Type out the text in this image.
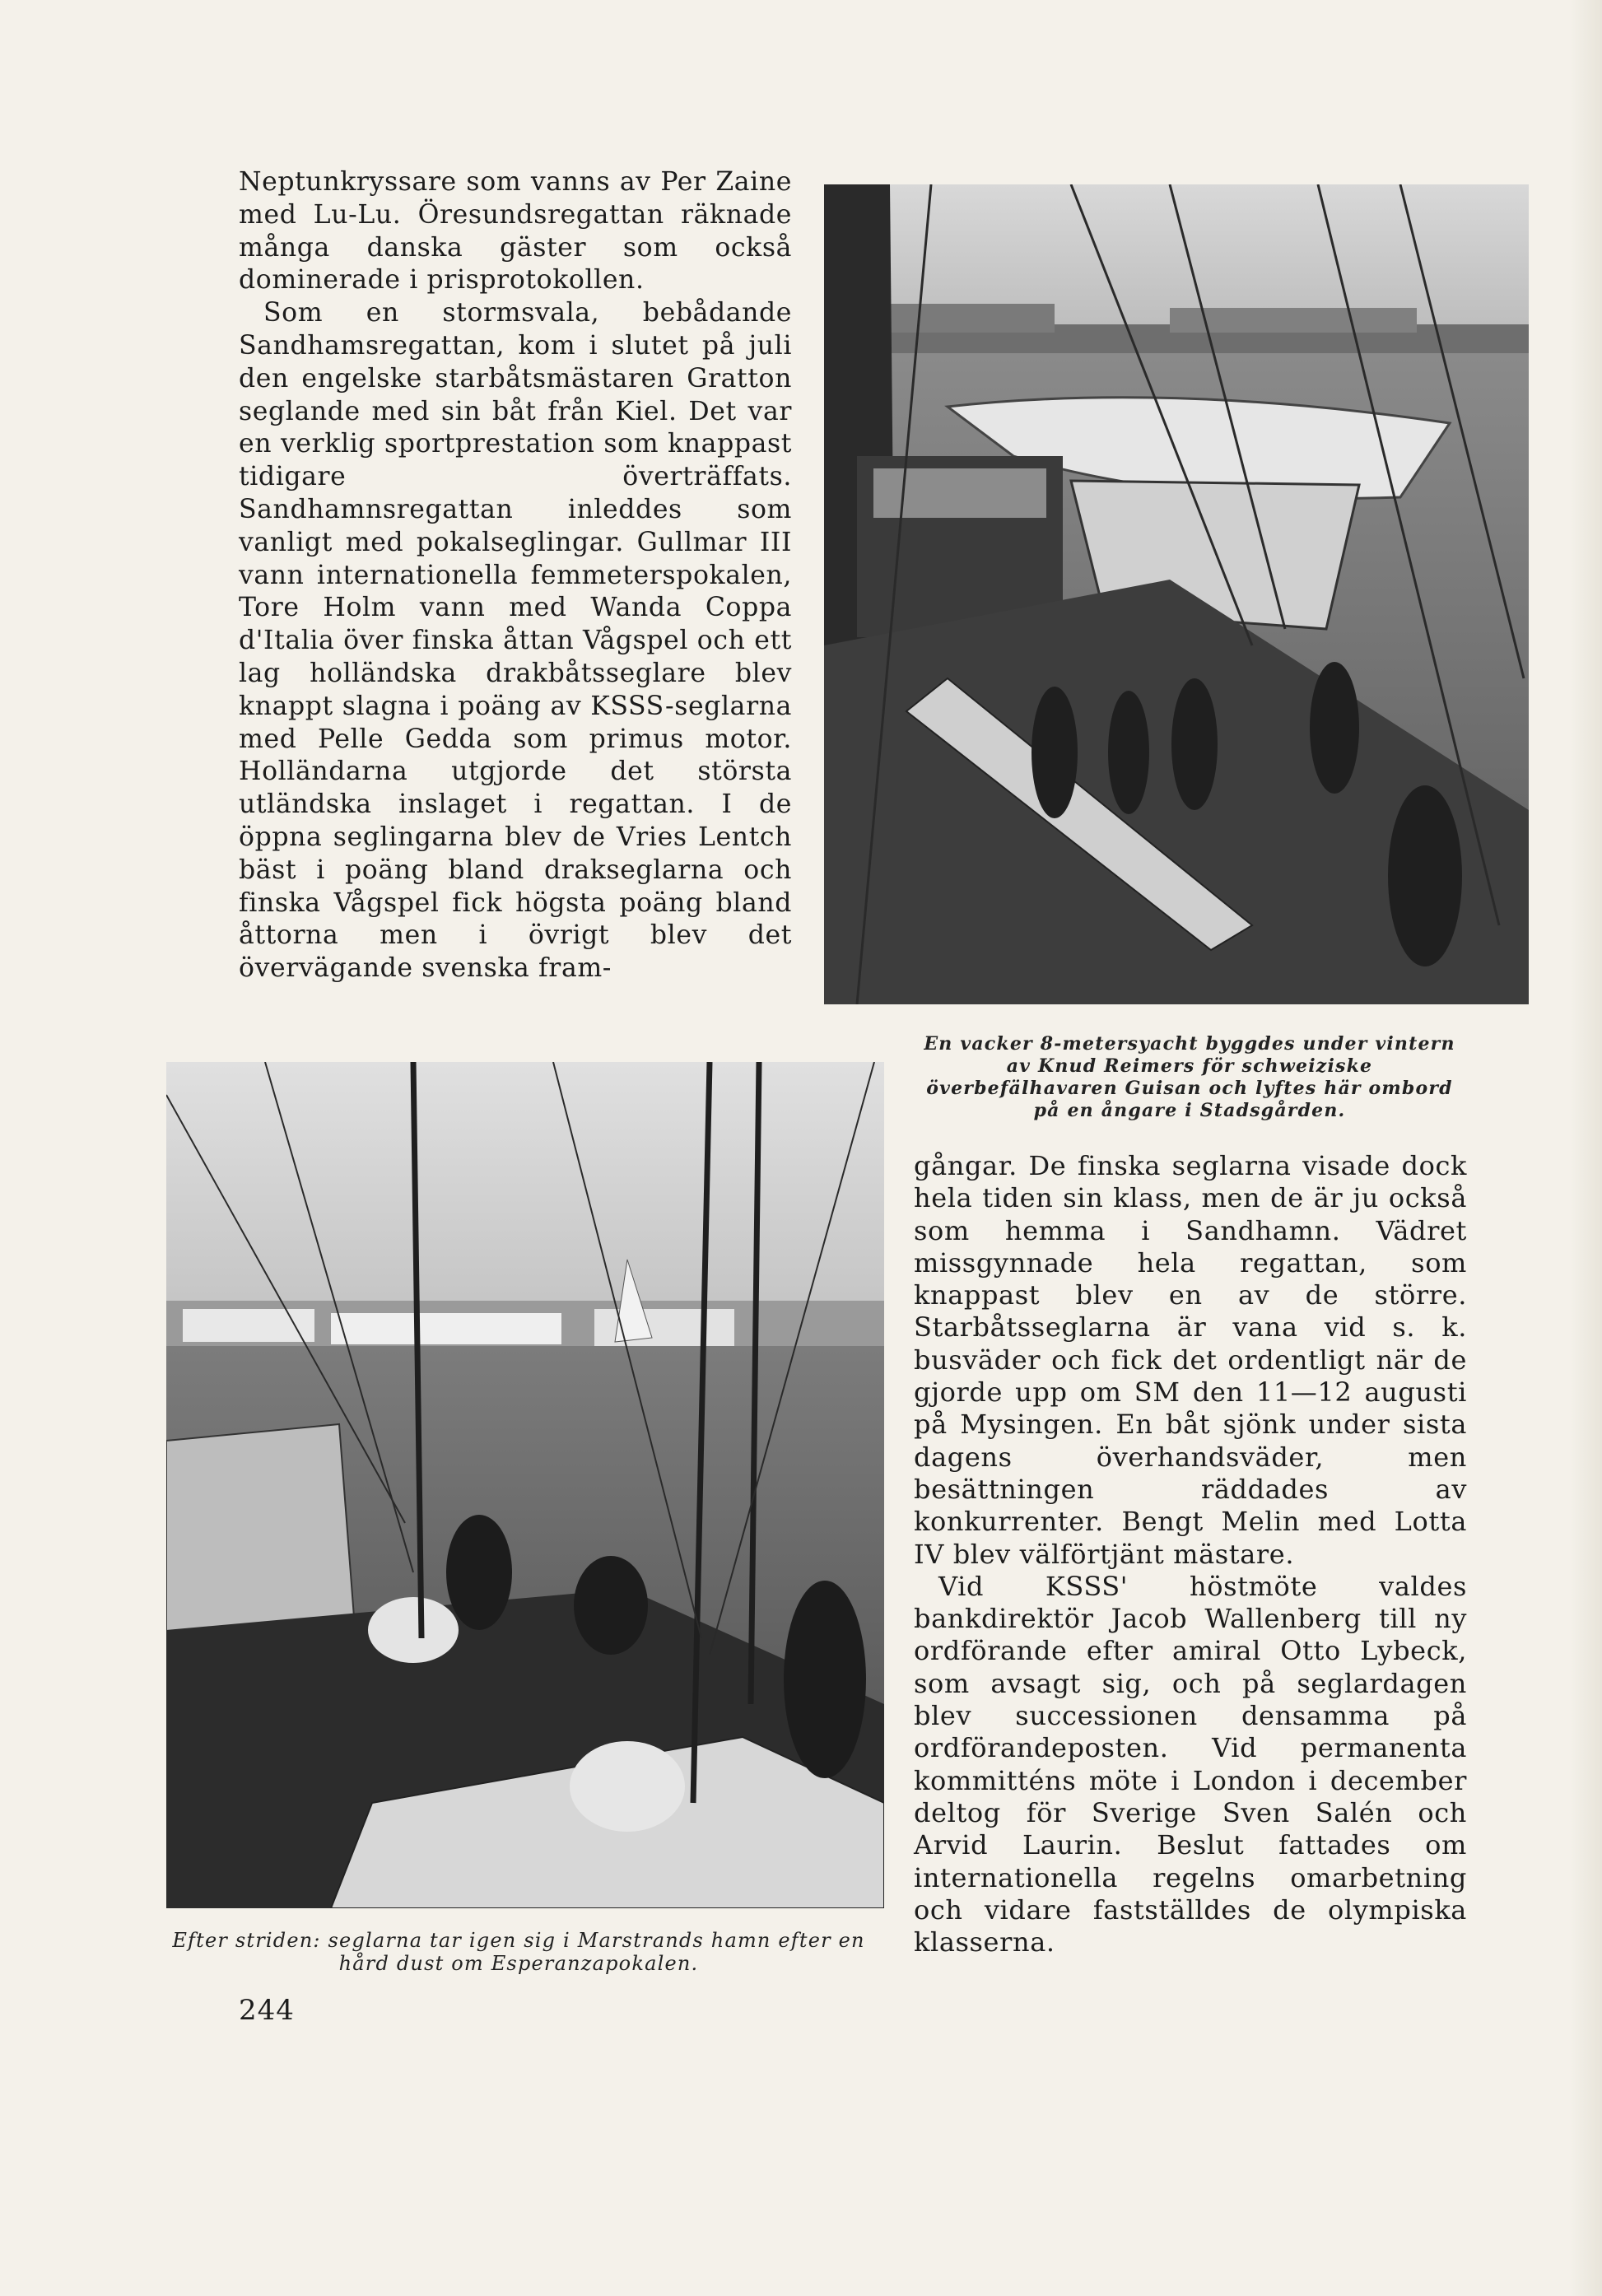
Neptunkryssare som vanns av Per Zaine med Lu-Lu. Öresundsregattan räknade många danska gäster som också dominerade i prisprotokollen.

Som en stormsvala, bebådande Sandhamsregattan, kom i slutet på juli den engelske starbåtsmästaren Gratton seglande med sin båt från Kiel. Det var en verklig sportprestation som knappast tidigare överträffats. Sandhamnsregattan inleddes som vanligt med pokalseglingar. Gullmar III vann internationella femmeterspokalen, Tore Holm vann med Wanda Coppa d'Italia över finska åttan Vågspel och ett lag holländska drakbåtsseglare blev knappt slagna i poäng av KSSS-seglarna med Pelle Gedda som primus motor. Holländarna utgjorde det största utländska inslaget i regattan. I de öppna seglingarna blev de Vries Lentch bäst i poäng bland drakseglarna och finska Vågspel fick högsta poäng bland åttorna men i övrigt blev det övervägande svenska fram-

En vacker 8-metersyacht byggdes under vintern av Knud Reimers för schweiziske överbefälhavaren Guisan och lyftes här ombord på en ångare i Stadsgården.
Efter striden: seglarna tar igen sig i Marstrands hamn efter en hård dust om Esperanzapokalen.

gångar. De finska seglarna visade dock hela tiden sin klass, men de är ju också som hemma i Sandhamn. Vädret missgynnade hela regattan, som knappast blev en av de större. Starbåtsseglarna är vana vid s. k. busväder och fick det ordentligt när de gjorde upp om SM den 11—12 augusti på Mysingen. En båt sjönk under sista dagens överhandsväder, men besättningen räddades av konkurrenter. Bengt Melin med Lotta IV blev välförtjänt mästare.

Vid KSSS' höstmöte valdes bankdirektör Jacob Wallenberg till ny ordförande efter amiral Otto Lybeck, som avsagt sig, och på seglardagen blev successionen densamma på ordförandeposten. Vid permanenta kommitténs möte i London i december deltog för Sverige Sven Salén och Arvid Laurin. Beslut fattades om internationella regelns omarbetning och vidare fastställdes de olympiska klasserna.

244
